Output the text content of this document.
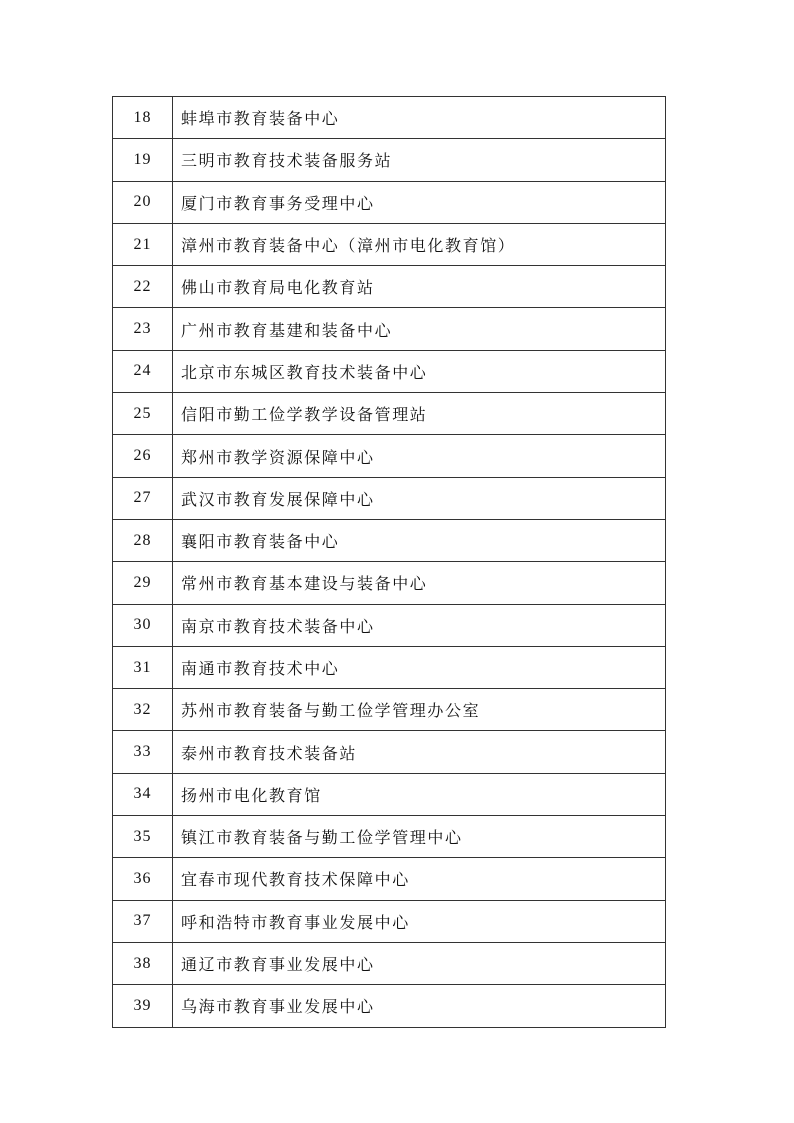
18	蚌埠市教育装备中心
19	三明市教育技术装备服务站
20	厦门市教育事务受理中心
21	漳州市教育装备中心（漳州市电化教育馆）
22	佛山市教育局电化教育站
23	广州市教育基建和装备中心
24	北京市东城区教育技术装备中心
25	信阳市勤工俭学教学设备管理站
26	郑州市教学资源保障中心
27	武汉市教育发展保障中心
28	襄阳市教育装备中心
29	常州市教育基本建设与装备中心
30	南京市教育技术装备中心
31	南通市教育技术中心
32	苏州市教育装备与勤工俭学管理办公室
33	泰州市教育技术装备站
34	扬州市电化教育馆
35	镇江市教育装备与勤工俭学管理中心
36	宜春市现代教育技术保障中心
37	呼和浩特市教育事业发展中心
38	通辽市教育事业发展中心
39	乌海市教育事业发展中心
